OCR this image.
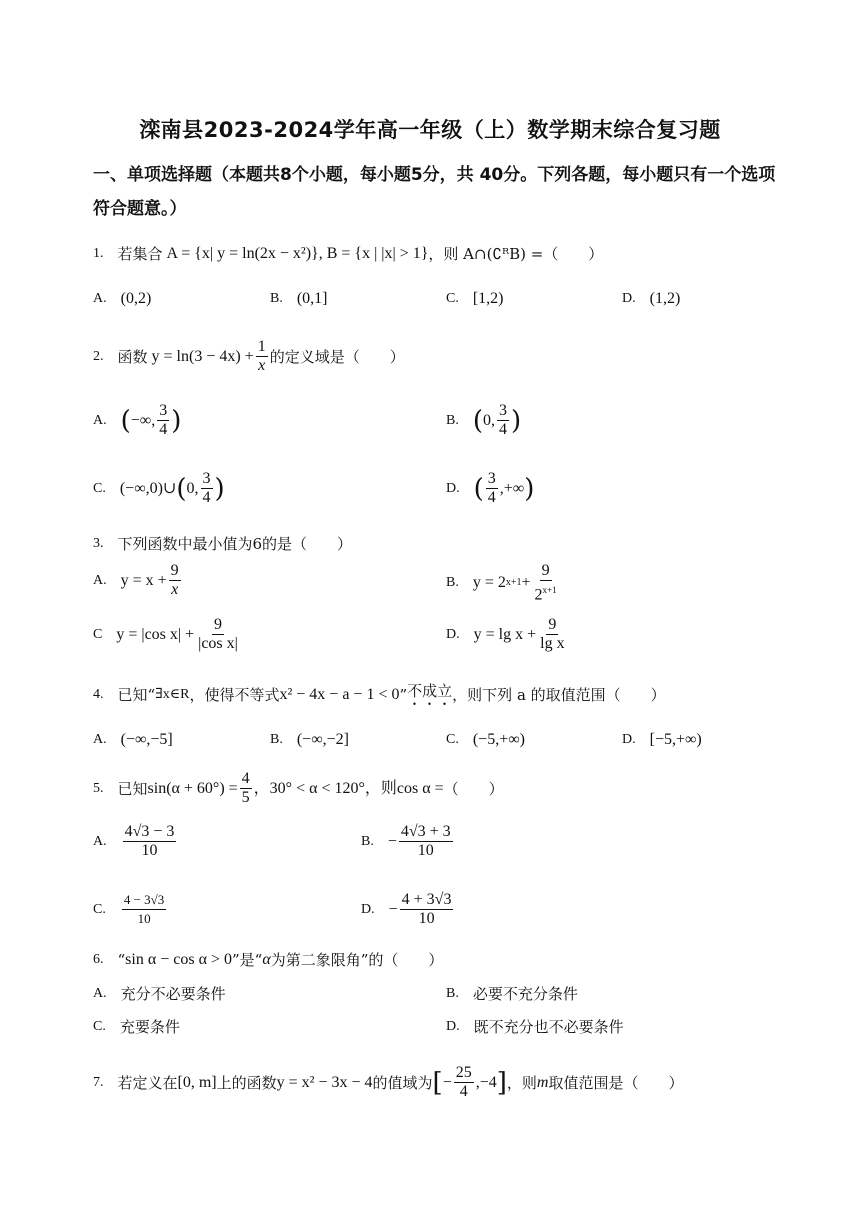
滦南县2023-2024学年高一年级（上）数学期末综合复习题
一、单项选择题（本题共8个小题，每小题5分，共 40分。下列各题，每小题只有一个选项符合题意。）
1. 若集合 A = {x| y = ln(2x − x²)}, B = {x | |x| > 1} ，则 A∩(∁ᴿB) =（　　）
A. (0,2)	B. (0,1]	C. [1,2)	D. (1,2)
2. 函数 $y = \ln(3 - 4x) + \frac{1}{x}$ 的定义域是（　　）
A. ( −∞, $\frac{3}{4}$ )	B. ( 0, $\frac{3}{4}$ )
C. (−∞,0)∪ ( 0, $\frac{3}{4}$ )	D. ( $\frac{3}{4}$ ,+∞ )
3. 下列函数中最小值为6的是（　　）
A. $y = x + \frac{9}{x}$	B. y = 2 $x+1 + \frac{9}{2^{x+1}}$
C y = |cos $x| + \frac{9}{\text{|cos x|}}$	D. $y = \lg x + \frac{9}{\text{lg x}}$
4. 已知“ ∃x∈R ，使得不等式 x² − 4x − a − 1 < 0 ” 不成立 ，则下列 a 的取值范围（　　）
A. (−∞,−5]	B. (−∞,−2]	C. (−5,+∞)	D. [−5,+∞)
5. 已知 $\sin(\alpha + 60^\circ) = \frac{4}{5}$ ，30° < α < 120°，则 cos α = （　　）
A. $\frac{4√3 - 3}{10}$	B. − $\frac{4√3 + 3}{10}$
C. $\frac{4 - 3√3}{10}$	D. − $\frac{4 + 3√3}{10}$
6. “ sin α − cos α > 0 ”是“ α 为第二象限角”的（　　）
A. 充分不必要条件	B. 必要不充分条件
C. 充要条件	D. 既不充分也不必要条件
7. 若定义在 [0, m] 上的函数 y = x² − 3x − 4 的值域为 [ − $\frac{25}{4} ,-4$ ] ，则 m 取值范围是（　　）
